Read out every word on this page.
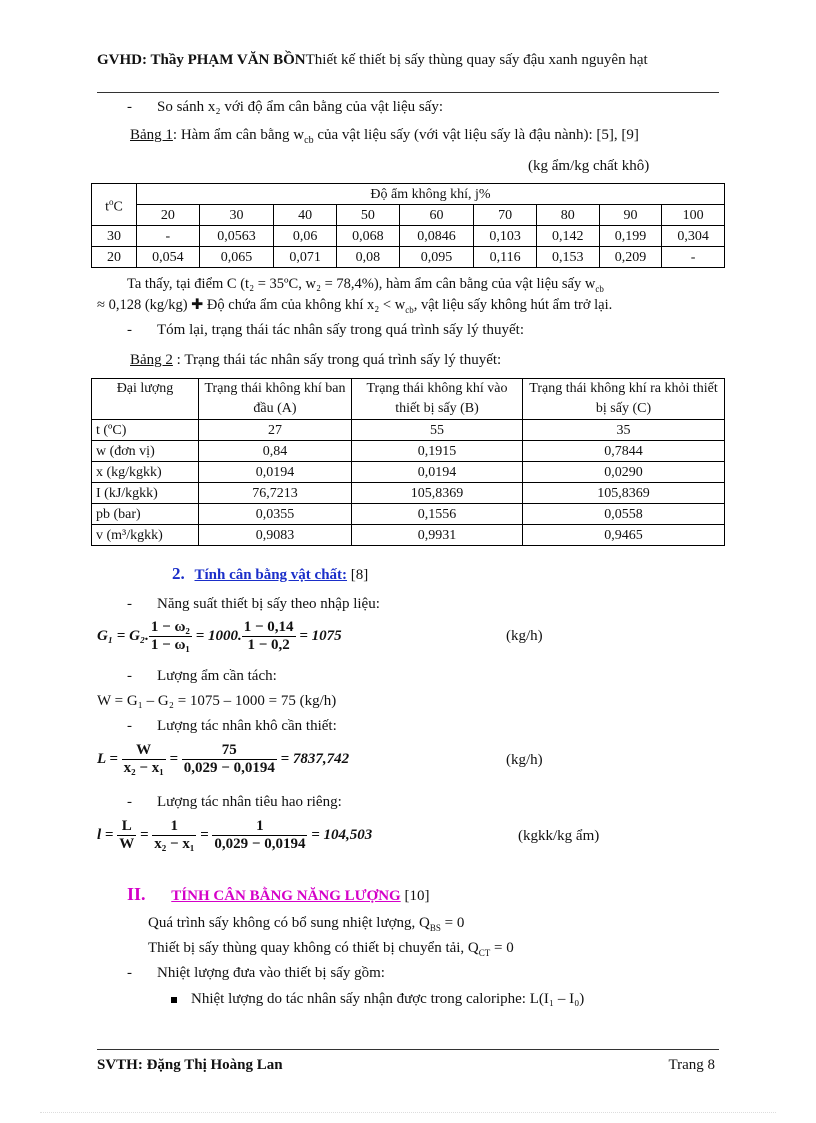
GVHD: Thầy PHẠM VĂN BỒNThiết kế thiết bị sấy thùng quay sấy đậu xanh nguyên hạt
- So sánh x₂ với độ ẩm cân bằng của vật liệu sấy:
Bảng 1: Hàm ẩm cân bằng $w_{cb}$ của vật liệu sấy (với vật liệu sấy là đậu nành): [5], [9]
(kg ẩm/kg chất khô)
$t^oC$	Độ ẩm không khí, j%								
	20	30	40	50	60	70	80	90	100
30	-	0,0563	0,06	0,068	0,0846	0,103	0,142	0,199	0,304
20	0,054	0,065	0,071	0,08	0,095	0,116	0,153	0,209	-
Ta thấy, tại điểm C (t₂ = 35ºC, w₂ = 78,4%), hàm ẩm cân bằng của vật liệu sấy $w_{cb}$
≈ 0,128 (kg/kg) ✚ Độ chứa ẩm của không khí $x_2 < w_{cb}$, vật liệu sấy không hút ẩm trở lại.
- Tóm lại, trạng thái tác nhân sấy trong quá trình sấy lý thuyết:
Bảng 2 : Trạng thái tác nhân sấy trong quá trình sấy lý thuyết:
Đại lượng	Trạng thái không khí ban đầu (A)	Trạng thái không khí vào thiết bị sấy (B)	Trạng thái không khí ra khỏi thiết bị sấy (C)
t (ºC)	27	55	35
w (đơn vị)	0,84	0,1915	0,7844
x (kg/kgkk)	0,0194	0,0194	0,0290
I (kJ/kgkk)	76,7213	105,8369	105,8369
pb (bar)	0,0355	0,1556	0,0558
v (m³/kgkk)	0,9083	0,9931	0,9465
2. Tính cân bằng vật chất: [8]
- Năng suất thiết bị sấy theo nhập liệu:
G₁ = G₂. $\frac{\text{1 − ω₂}}{\text{1 − ω₁}} = 1000$. $\frac{1 - 0,14}{1 - 0,2} = 1075$	(kg/h)
- Lượng ẩm cần tách:
W = G₁ – G₂ = 1075 – 1000 = 75 (kg/h)
- Lượng tác nhân khô cần thiết:
$L = \frac{W}{\text{x₂ − x₁}} = \frac{75}{0,029 - 0,0194} = 7837,742$	(kg/h)
- Lượng tác nhân tiêu hao riêng:
$l = \frac{L}{W} = \frac{1}{\text{x₂ − x₁}} = \frac{1}{0,029 - 0,0194} = 104,503$	(kgkk/kg ẩm)
II. TÍNH CÂN BẰNG NĂNG LƯỢNG [10]
Quá trình sấy không có bổ sung nhiệt lượng, $Q_{BS} = 0$
Thiết bị sấy thùng quay không có thiết bị chuyển tải, $Q_{CT} = 0$
- Nhiệt lượng đưa vào thiết bị sấy gồm:
Nhiệt lượng do tác nhân sấy nhận được trong caloriphe: L(I₁ – I₀)
SVTH: Đặng Thị Hoàng Lan	Trang 8
